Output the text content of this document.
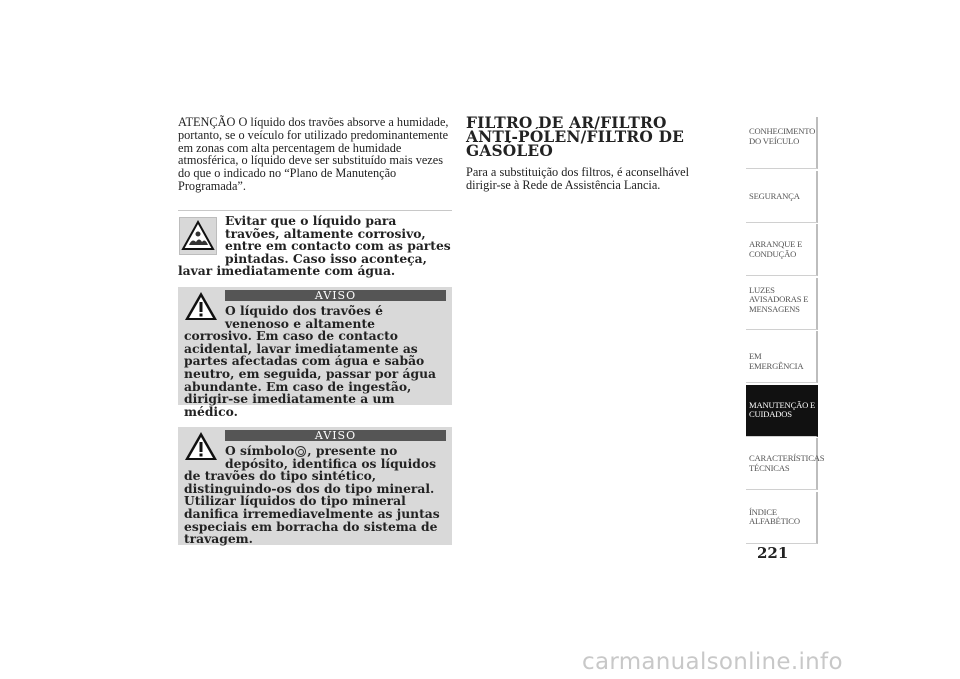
ATENÇÃO O líquido dos travões absorve a humidade, portanto, se o veículo for utilizado predominantemente em zonas com alta percentagem de humidade atmosférica, o líquido deve ser substituído mais vezes do que o indicado no “Plano de Manutenção Programada”.

Evitar que o líquido para travões, altamente corrosivo, entre em contacto com as partes pintadas. Caso isso aconteça, lavar imediatamente com água.
AVISO
O líquido dos travões é venenoso e altamente corrosivo. Em caso de contacto acidental, lavar imediatamente as partes afectadas com água e sabão neutro, em seguida, passar por água abundante. Em caso de ingestão, dirigir-se imediatamente a um médico.
AVISO
O símbolo , presente no depósito, identifica os líquidos de travões do tipo sintético, distinguindo-os dos do tipo mineral. Utilizar líquidos do tipo mineral danifica irremediavelmente as juntas especiais em borracha do sistema de travagem.
FILTRO DE AR/FILTRO
ANTI-PÓLEN/FILTRO DE GASÓLEO

Para a substituição dos filtros, é aconselhável dirigir-se à Rede de Assistência Lancia.

CONHECIMENTO
DO VEÍCULO
SEGURANÇA
ARRANQUE E
CONDUÇÃO
LUZES
AVISADORAS E
MENSAGENS
EM EMERGÊNCIA
MANUTENÇÃO E
CUIDADOS
CARACTERÍSTICAS
TÉCNICAS
ÍNDICE
ALFABÉTICO
221
carmanualsonline.info
